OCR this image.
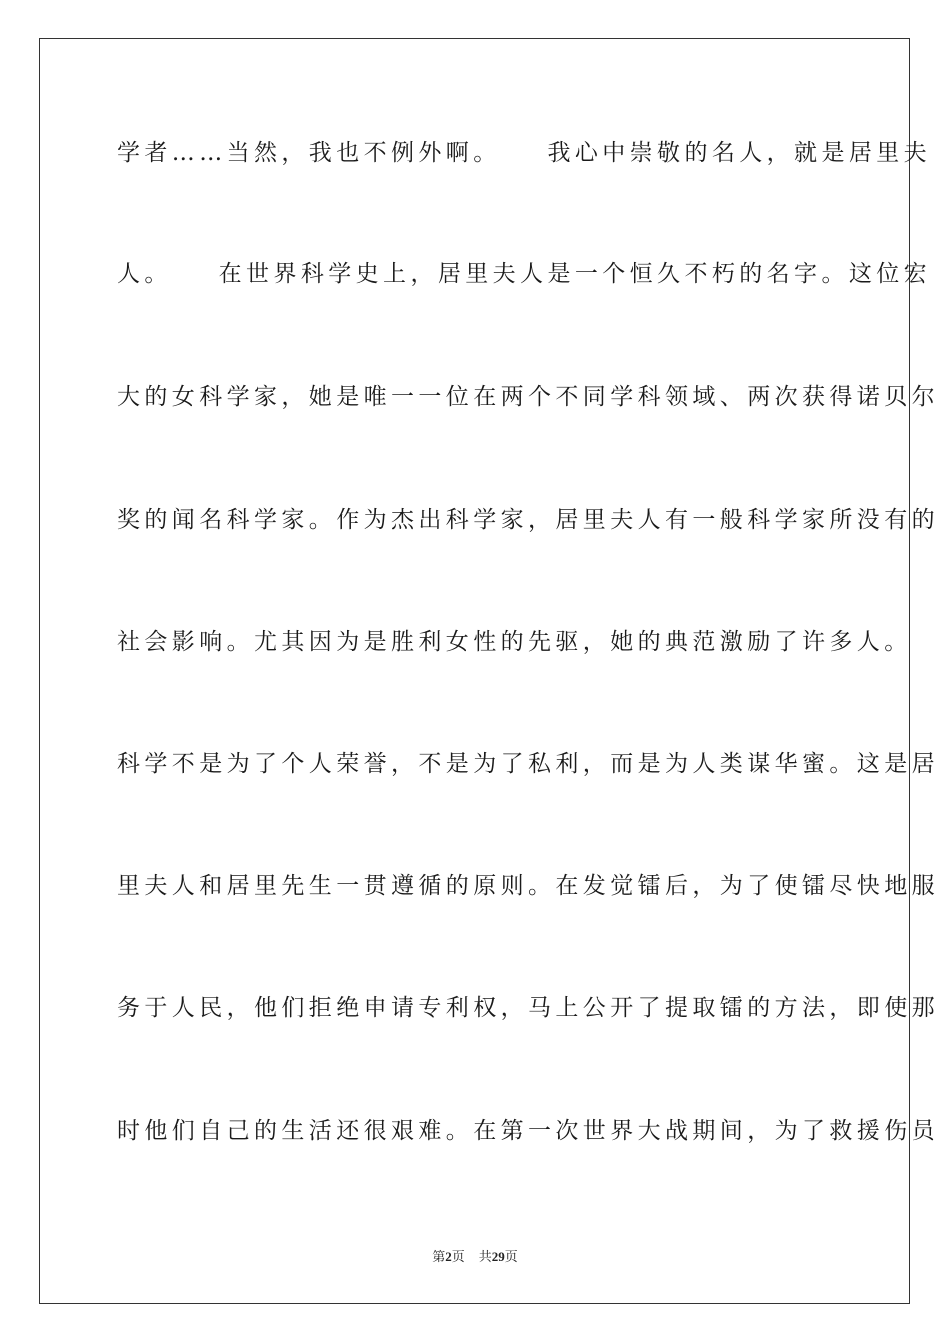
学者……当然，我也不例外啊。    我心中崇敬的名人，就是居里夫
人。    在世界科学史上，居里夫人是一个恒久不朽的名字。这位宏
大的女科学家，她是唯一一位在两个不同学科领域、两次获得诺贝尔
奖的闻名科学家。作为杰出科学家，居里夫人有一般科学家所没有的
社会影响。尤其因为是胜利女性的先驱，她的典范激励了许多人。
科学不是为了个人荣誉，不是为了私利，而是为人类谋华蜜。这是居
里夫人和居里先生一贯遵循的原则。在发觉镭后，为了使镭尽快地服
务于人民，他们拒绝申请专利权，马上公开了提取镭的方法，即使那
时他们自己的生活还很艰难。在第一次世界大战期间，为了救援伤员
第2页 共29页
